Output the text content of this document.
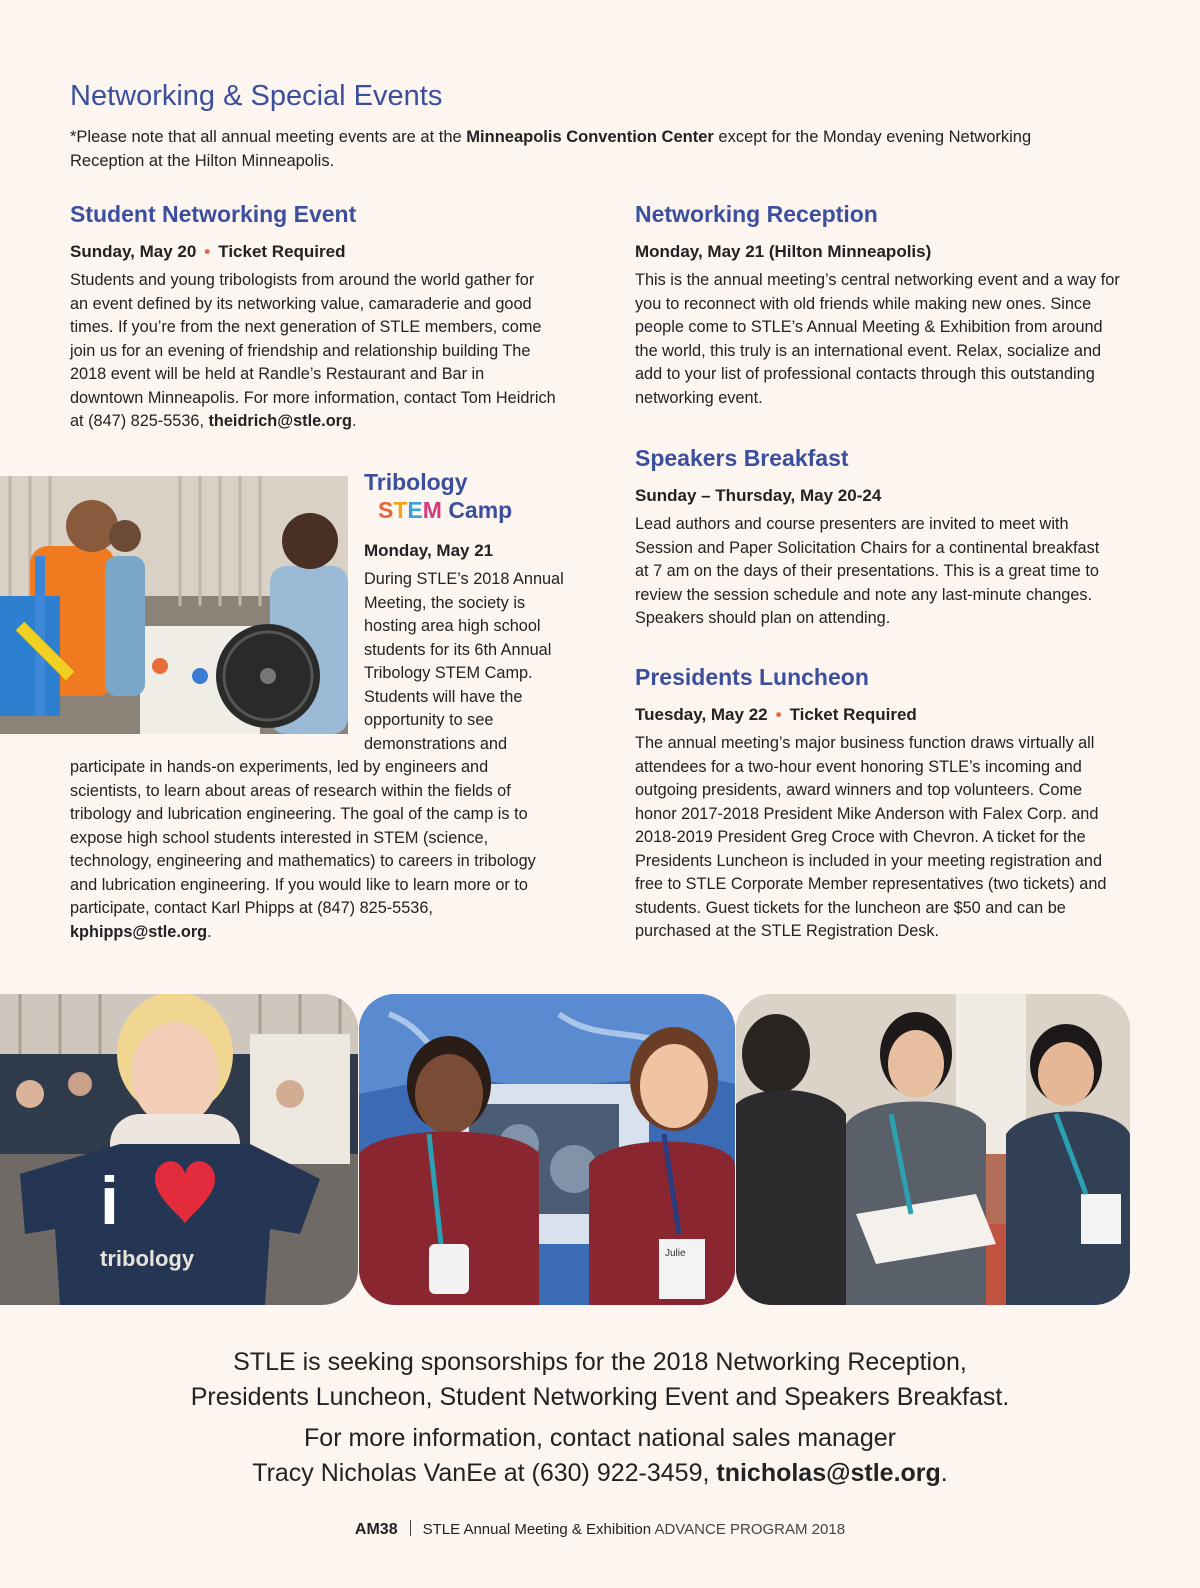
Networking & Special Events
*Please note that all annual meeting events are at the Minneapolis Convention Center except for the Monday evening Networking Reception at the Hilton Minneapolis.
Student Networking Event
Sunday, May 20 • Ticket Required
Students and young tribologists from around the world gather for an event defined by its networking value, camaraderie and good times. If you’re from the next generation of STLE members, come join us for an evening of friendship and relationship building The 2018 event will be held at Randle’s Restaurant and Bar in downtown Minneapolis. For more information, contact Tom Heidrich at (847) 825-5536, theidrich@stle.org.
Tribology
STEM Camp
Monday, May 21
During STLE’s 2018 Annual Meeting, the society is hosting area high school students for its 6th Annual Tribology STEM Camp. Students will have the opportunity to see demonstrations and
participate in hands-on experiments, led by engineers and scientists, to learn about areas of research within the fields of tribology and lubrication engineering. The goal of the camp is to expose high school students interested in STEM (science, technology, engineering and mathematics) to careers in tribology and lubrication engineering. If you would like to learn more or to participate, contact Karl Phipps at (847) 825-5536, kphipps@stle.org.
Networking Reception
Monday, May 21 (Hilton Minneapolis)
This is the annual meeting’s central networking event and a way for you to reconnect with old friends while making new ones. Since people come to STLE’s Annual Meeting & Exhibition from around the world, this truly is an international event. Relax, socialize and add to your list of professional contacts through this outstanding networking event.
Speakers Breakfast
Sunday – Thursday, May 20-24
Lead authors and course presenters are invited to meet with Session and Paper Solicitation Chairs for a continental breakfast at 7 am on the days of their presentations. This is a great time to review the session schedule and note any last-minute changes. Speakers should plan on attending.
Presidents Luncheon
Tuesday, May 22 • Ticket Required
The annual meeting’s major business function draws virtually all attendees for a two-hour event honoring STLE’s incoming and outgoing presidents, award winners and top volunteers. Come honor 2017-2018 President Mike Anderson with Falex Corp. and 2018-2019 President Greg Croce with Chevron. A ticket for the Presidents Luncheon is included in your meeting registration and free to STLE Corporate Member representatives (two tickets) and students. Guest tickets for the luncheon are $50 and can be purchased at the STLE Registration Desk.
i
tribology	Julie
STLE is seeking sponsorships for the 2018 Networking Reception,
Presidents Luncheon, Student Networking Event and Speakers Breakfast.
For more information, contact national sales manager
Tracy Nicholas VanEe at (630) 922-3459, tnicholas@stle.org.
AM38 STLE Annual Meeting & Exhibition ADVANCE PROGRAM 2018
